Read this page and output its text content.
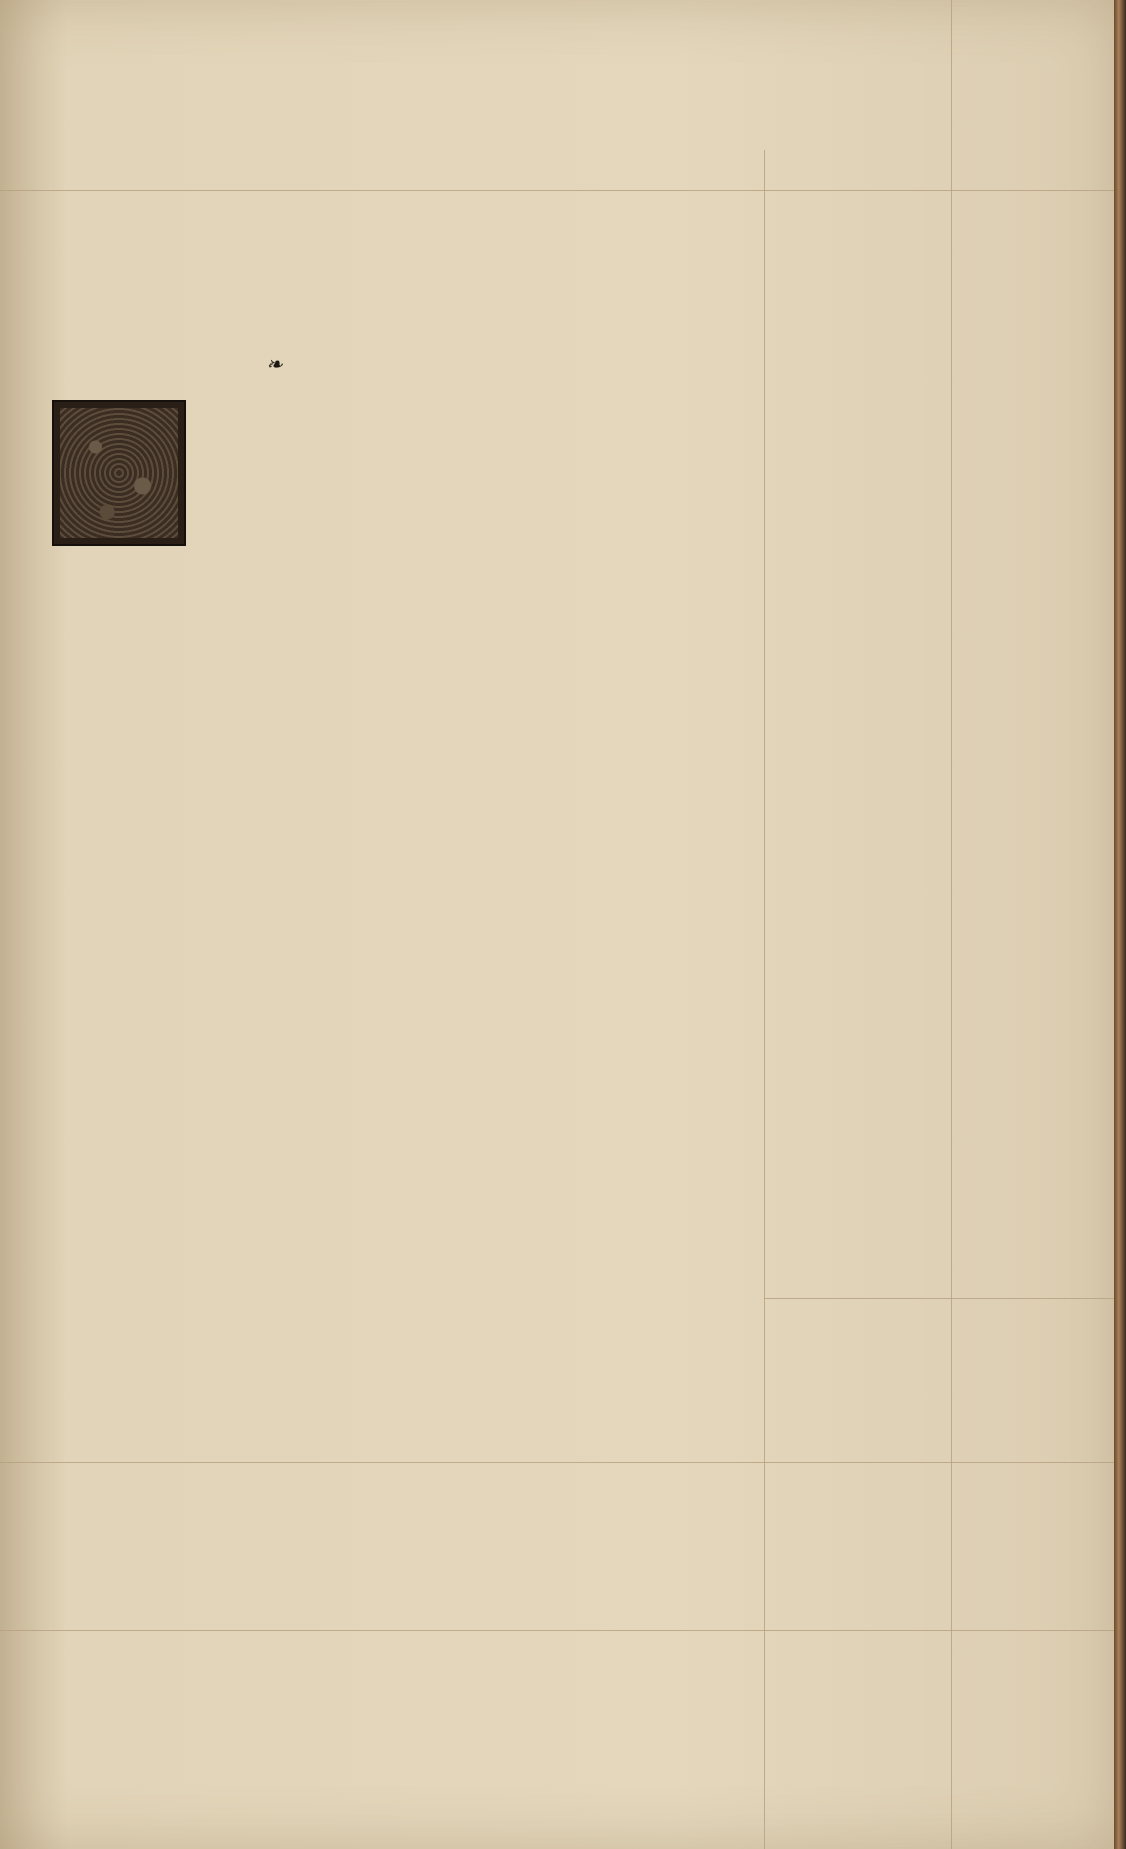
❧
